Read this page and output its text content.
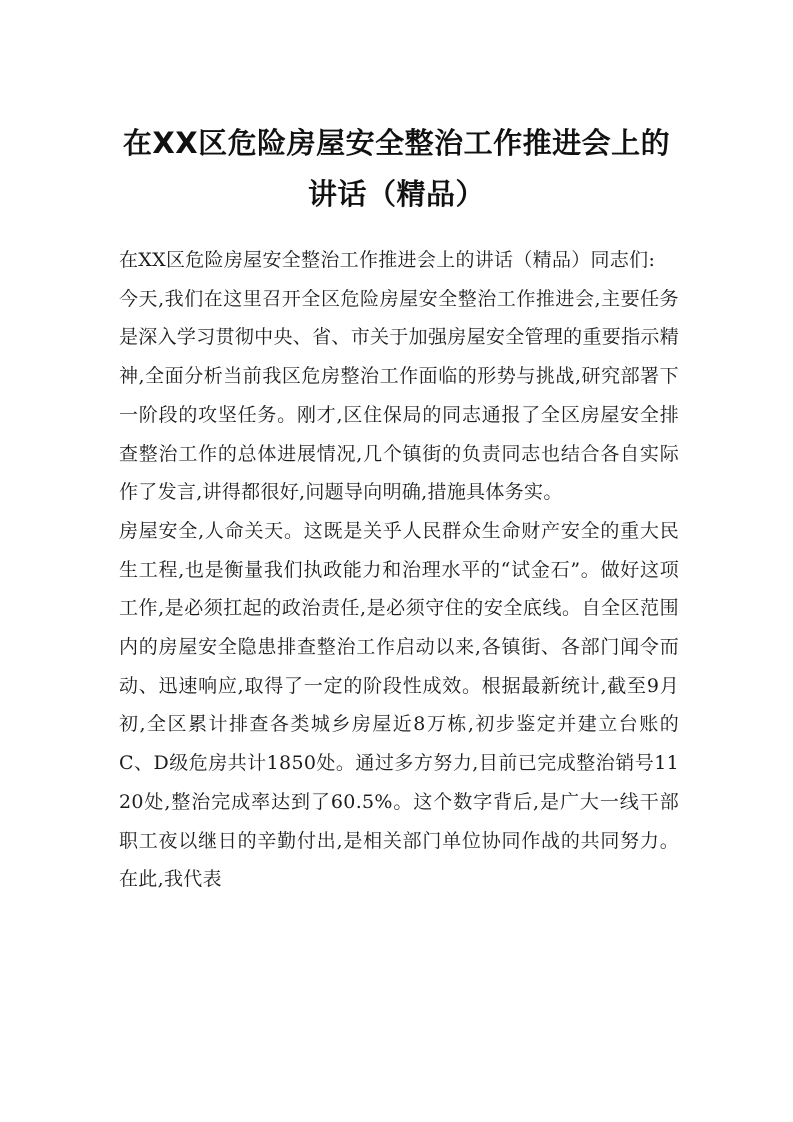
在XX区危险房屋安全整治工作推进会上的
讲话（精品）

在XX区危险房屋安全整治工作推进会上的讲话（精品）同志们:

今天,我们在这里召开全区危险房屋安全整治工作推进会,主要任务是深入学习贯彻中央、省、市关于加强房屋安全管理的重要指示精神,全面分析当前我区危房整治工作面临的形势与挑战,研究部署下一阶段的攻坚任务。刚才,区住保局的同志通报了全区房屋安全排查整治工作的总体进展情况,几个镇街的负责同志也结合各自实际作了发言,讲得都很好,问题导向明确,措施具体务实。

房屋安全,人命关天。这既是关乎人民群众生命财产安全的重大民生工程,也是衡量我们执政能力和治理水平的“试金石”。做好这项工作,是必须扛起的政治责任,是必须守住的安全底线。自全区范围内的房屋安全隐患排查整治工作启动以来,各镇街、各部门闻令而动、迅速响应,取得了一定的阶段性成效。根据最新统计,截至9月初,全区累计排查各类城乡房屋近8万栋,初步鉴定并建立台账的C、D级危房共计1850处。通过多方努力,目前已完成整治销号1120处,整治完成率达到了60.5%。这个数字背后,是广大一线干部职工夜以继日的辛勤付出,是相关部门单位协同作战的共同努力。在此,我代表
